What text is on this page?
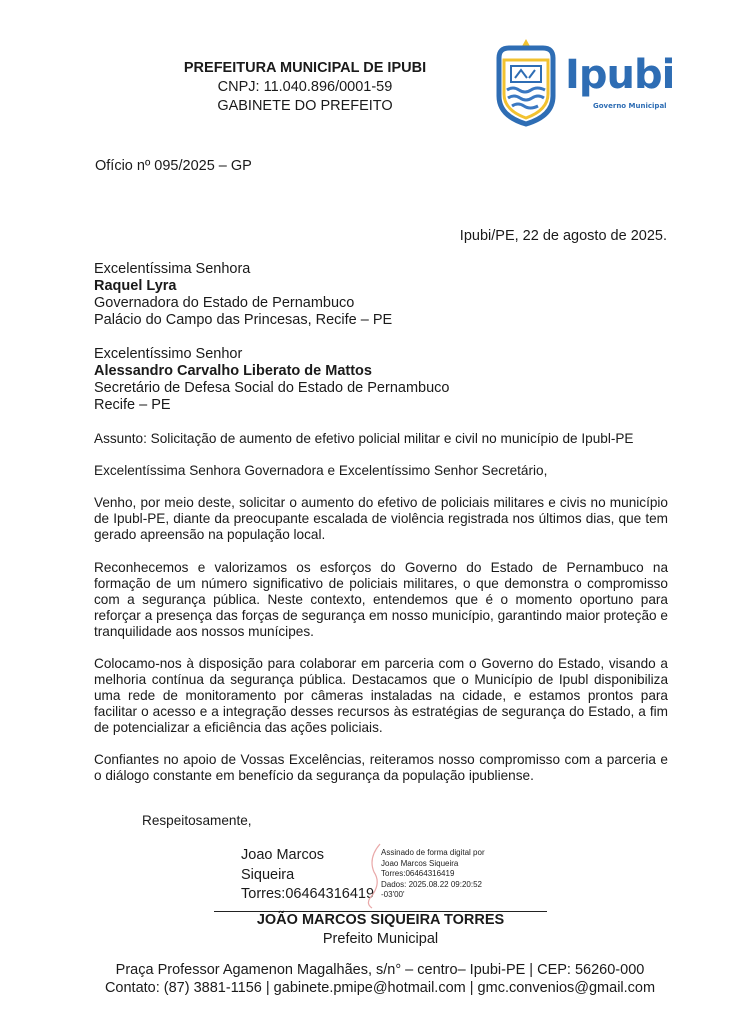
PREFEITURA MUNICIPAL DE IPUBI
CNPJ: 11.040.896/0001-59
GABINETE DO PREFEITO
Ipubi
Governo Municipal
Ofício nº 095/2025 – GP
Ipubi/PE, 22 de agosto de 2025.
Excelentíssima Senhora
Raquel Lyra
Governadora do Estado de Pernambuco
Palácio do Campo das Princesas, Recife – PE
Excelentíssimo Senhor
Alessandro Carvalho Liberato de Mattos
Secretário de Defesa Social do Estado de Pernambuco
Recife – PE
Assunto: Solicitação de aumento de efetivo policial militar e civil no município de Ipubl-PE
Excelentíssima Senhora Governadora e Excelentíssimo Senhor Secretário,
Venho, por meio deste, solicitar o aumento do efetivo de policiais militares e civis no município de Ipubl-PE, diante da preocupante escalada de violência registrada nos últimos dias, que tem gerado apreensão na população local.
Reconhecemos e valorizamos os esforços do Governo do Estado de Pernambuco na formação de um número significativo de policiais militares, o que demonstra o compromisso com a segurança pública. Neste contexto, entendemos que é o momento oportuno para reforçar a presença das forças de segurança em nosso município, garantindo maior proteção e tranquilidade aos nossos munícipes.
Colocamo-nos à disposição para colaborar em parceria com o Governo do Estado, visando a melhoria contínua da segurança pública. Destacamos que o Município de Ipubl disponibiliza uma rede de monitoramento por câmeras instaladas na cidade, e estamos prontos para facilitar o acesso e a integração desses recursos às estratégias de segurança do Estado, a fim de potencializar a eficiência das ações policiais.
Confiantes no apoio de Vossas Excelências, reiteramos nosso compromisso com a parceria e o diálogo constante em benefício da segurança da população ipubliense.
Respeitosamente,
Joao Marcos
Siqueira
Torres:06464316419
Assinado de forma digital por
Joao Marcos Siqueira
Torres:06464316419
Dados: 2025.08.22 09:20:52
-03'00'
JOÃO MARCOS SIQUEIRA TORRES
Prefeito Municipal
Praça Professor Agamenon Magalhães, s/n° – centro– Ipubi-PE | CEP: 56260-000
Contato: (87) 3881-1156 | gabinete.pmipe@hotmail.com | gmc.convenios@gmail.com
